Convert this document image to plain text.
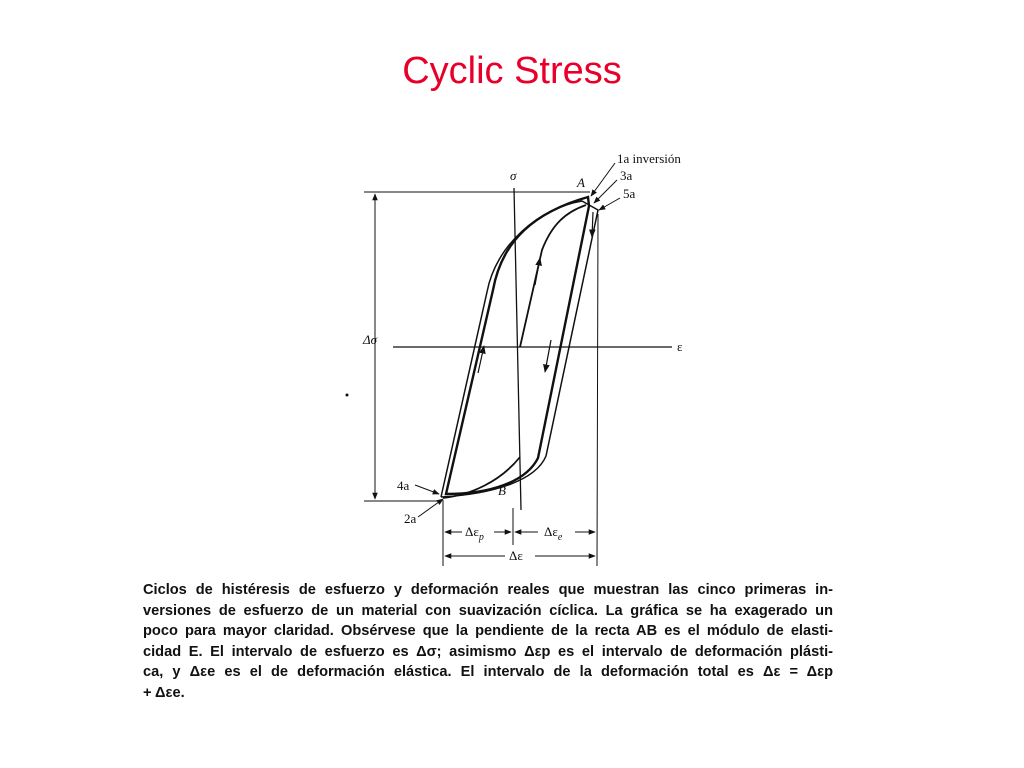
Cyclic Stress
σ
ε
Δσ
A
B
1a inversión
3a
5a
4a
2a
$\Delta\varepsilon_p$	$\Delta\varepsilon_e$
Δε

Ciclos de histéresis de esfuerzo y deformación reales que muestran las cinco primeras in-
versiones de esfuerzo de un material con suavización cíclica. La gráfica se ha exagerado un
poco para mayor claridad. Obsérvese que la pendiente de la recta AB es el módulo de elasti-
cidad E. El intervalo de esfuerzo es Δσ; asimismo Δεp es el intervalo de deformación plásti-
ca, y Δεe es el de deformación elástica. El intervalo de la deformación total es Δε = Δεp
+ Δεe.
